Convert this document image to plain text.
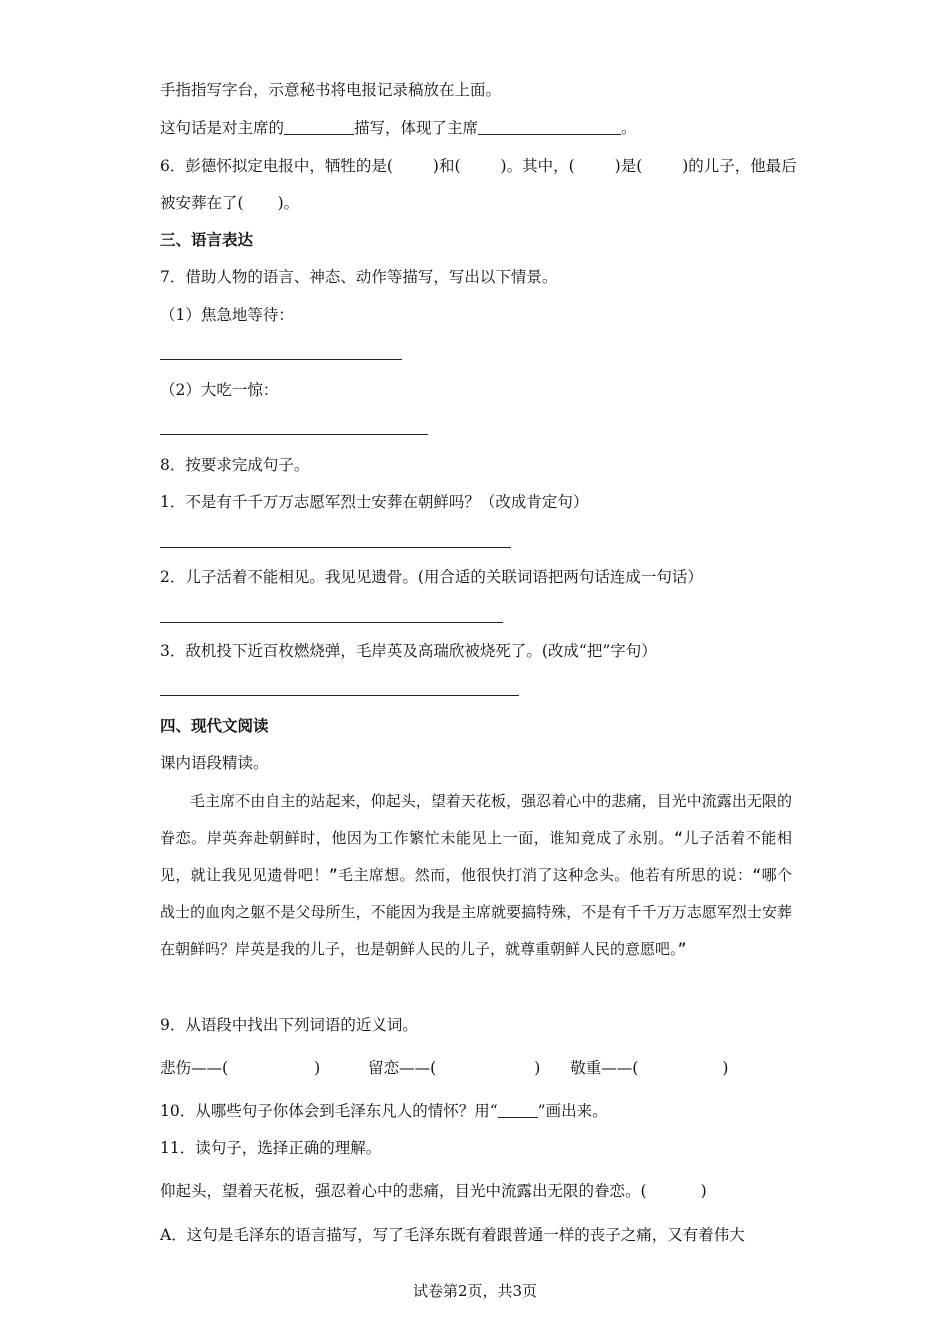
手指指写字台，示意秘书将电报记录稿放在上面。
这句话是对主席的	描写，体现了主席	。
6．彭德怀拟定电报中，牺牲的是(	)和(	)。其中，(	)是(	)的儿子，他最后
被安葬在了( )。
三、语言表达
7．借助人物的语言、神态、动作等描写，写出以下情景。
（1）焦急地等待：
（2）大吃一惊：
8．按要求完成句子。
1．不是有千千万万志愿军烈士安葬在朝鲜吗？（改成肯定句）
2．儿子活着不能相见。我见见遗骨。(用合适的关联词语把两句话连成一句话）
3．敌机投下近百枚燃烧弹，毛岸英及高瑞欣被烧死了。(改成“把”字句）
四、现代文阅读
课内语段精读。
毛主席不由自主的站起来，仰起头，望着天花板，强忍着心中的悲痛，目光中流露出无限的眷恋。岸英奔赴朝鲜时，他因为工作繁忙未能见上一面，谁知竟成了永别。“儿子活着不能相见，就让我见见遗骨吧！”毛主席想。然而，他很快打消了这种念头。他若有所思的说：“哪个战士的血肉之躯不是父母所生，不能因为我是主席就要搞特殊，不是有千千万万志愿军烈士安葬在朝鲜吗？岸英是我的儿子，也是朝鲜人民的儿子，就尊重朝鲜人民的意愿吧。”
9．从语段中找出下列词语的近义词。
悲伤——(	)	留恋——(	) 敬重——(	)
10．从哪些句子你体会到毛泽东凡人的情怀？用“	”画出来。
11．读句子，选择正确的理解。
仰起头，望着天花板，强忍着心中的悲痛，目光中流露出无限的眷恋。(	)
A．这句是毛泽东的语言描写，写了毛泽东既有着跟普通一样的丧子之痛，又有着伟大
试卷第2页，共3页
